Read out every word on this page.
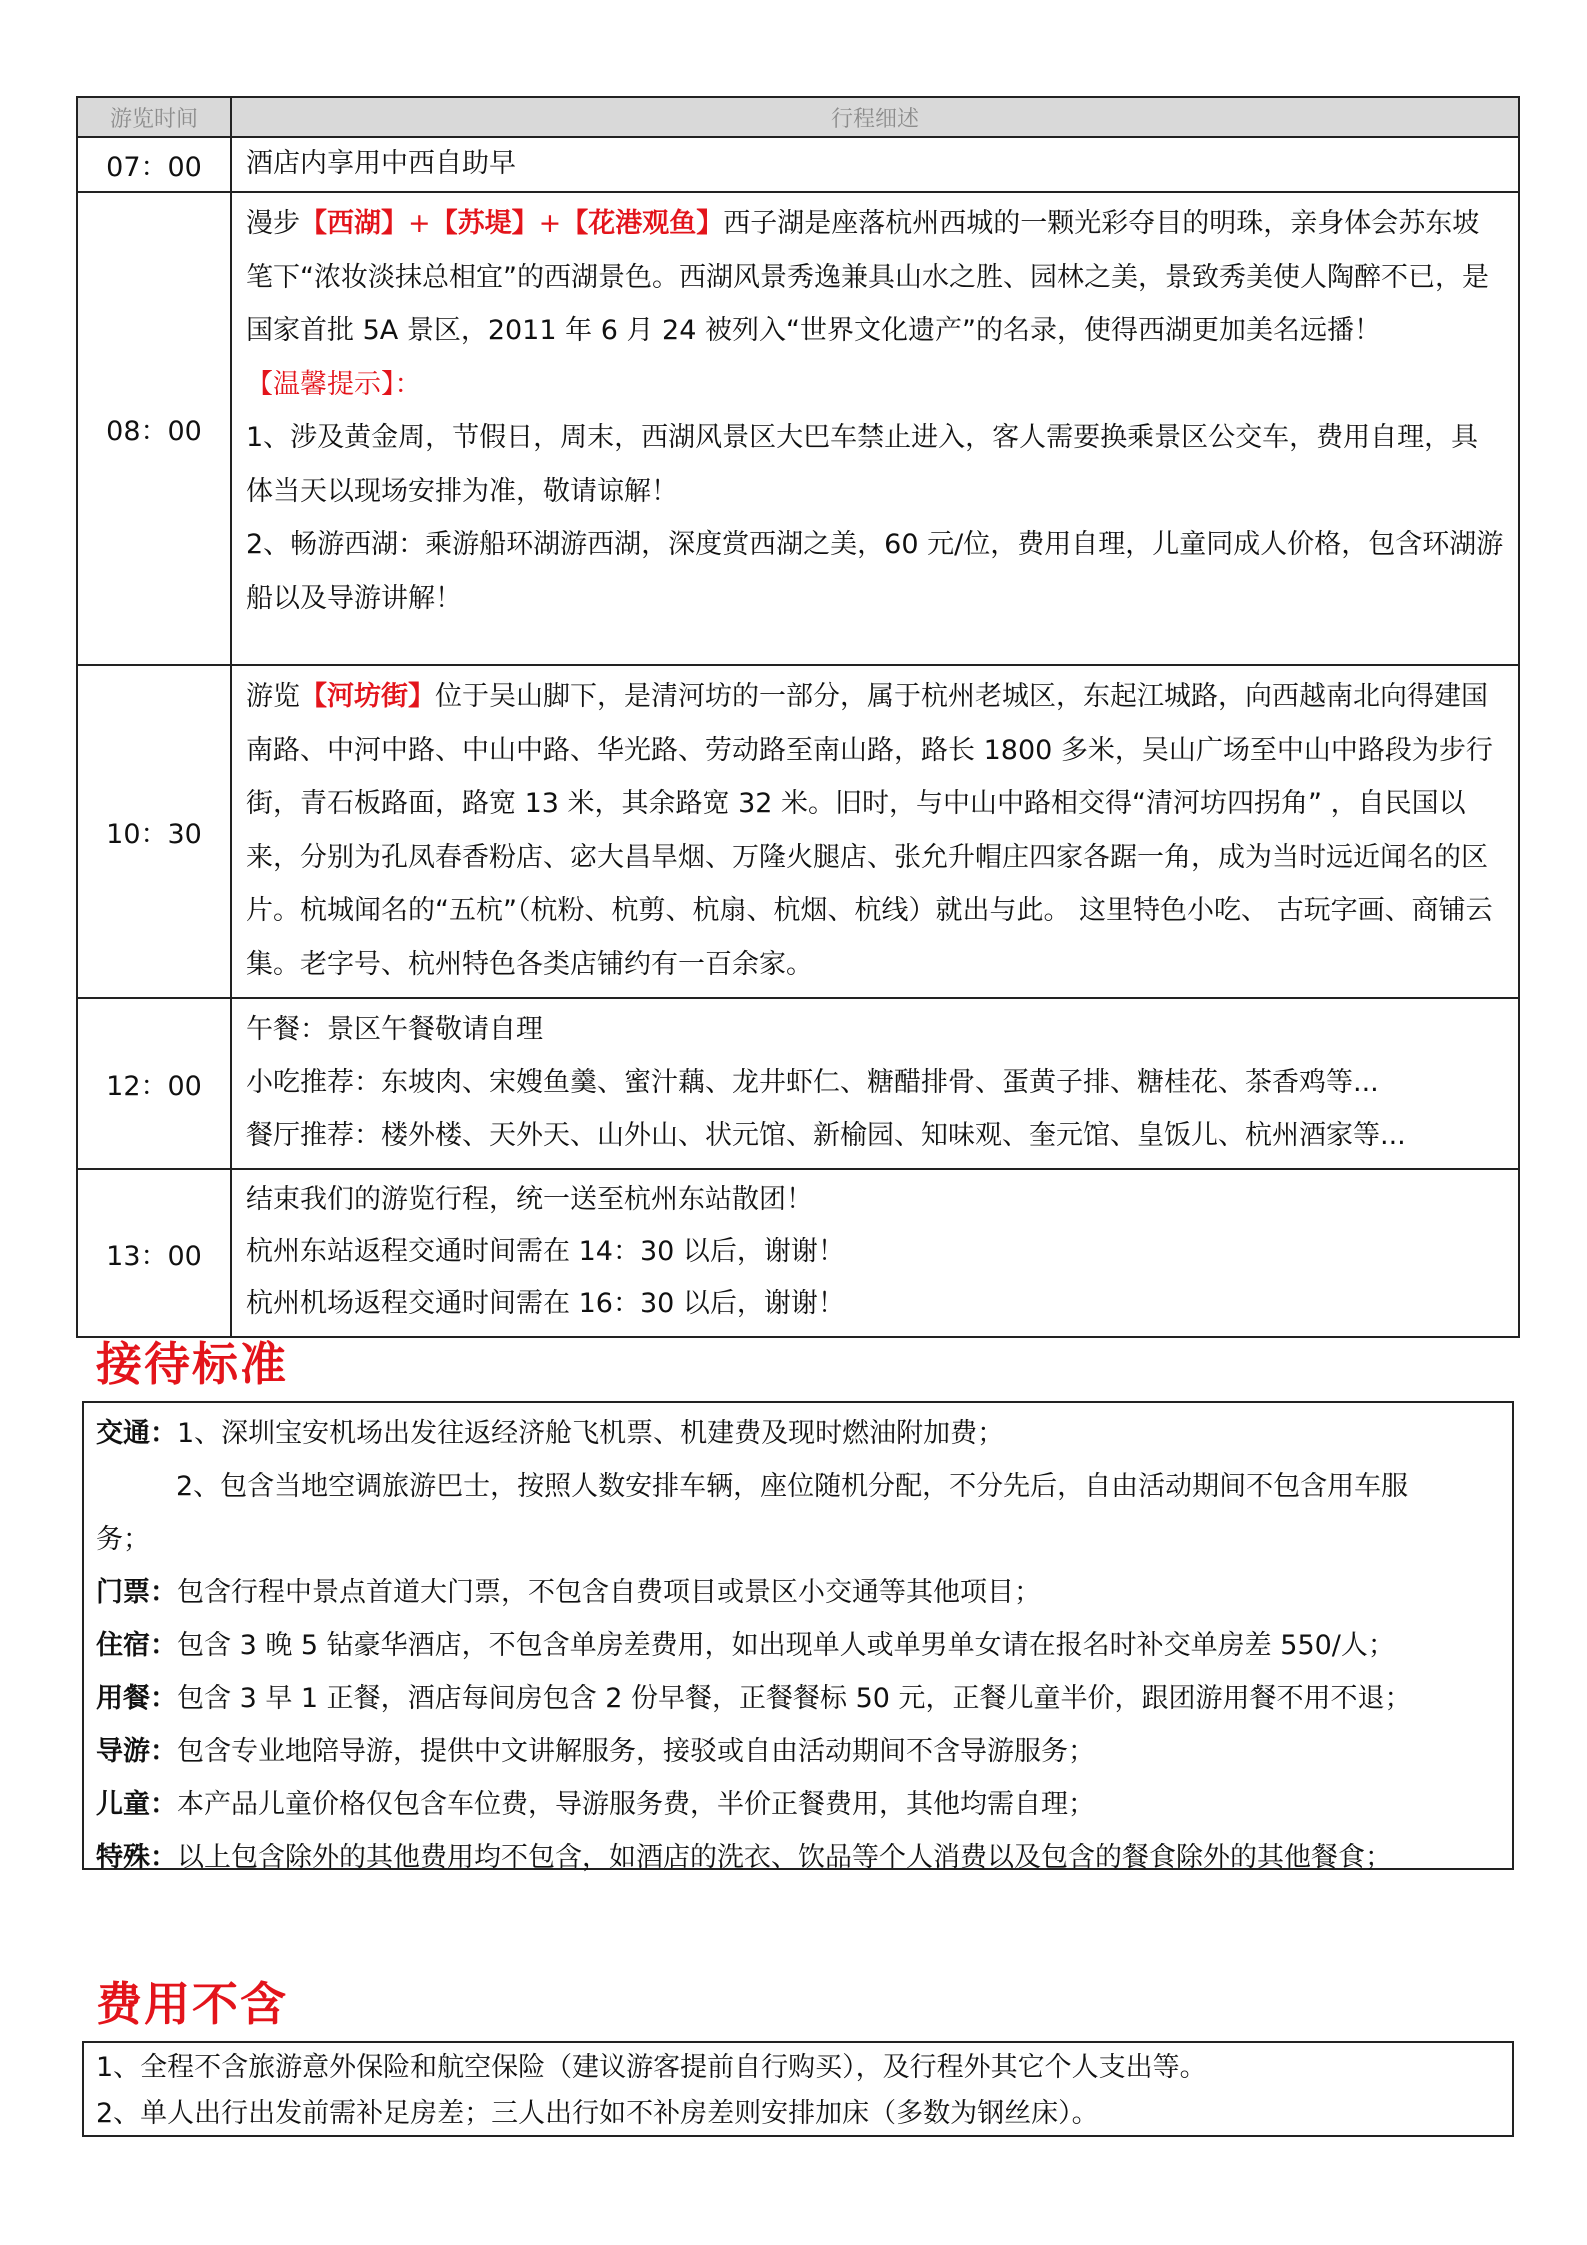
游览时间	行程细述
07：00	酒店内享用中西自助早

08：00	漫步【西湖】+【苏堤】+【花港观鱼】西子湖是座落杭州西城的一颗光彩夺目的明珠，亲身体会苏东坡笔下“浓妆淡抹总相宜”的西湖景色。西湖风景秀逸兼具山水之胜、园林之美，景致秀美使人陶醉不已，是国家首批 5A 景区，2011 年 6 月 24 被列入“世界文化遗产”的名录，使得西湖更加美名远播！
【温馨提示】：
1、涉及黄金周，节假日，周末，西湖风景区大巴车禁止进入，客人需要换乘景区公交车，费用自理，具体当天以现场安排为准，敬请谅解！
2、畅游西湖：乘游船环湖游西湖，深度赏西湖之美，60 元/位，费用自理，儿童同成人价格，包含环湖游船以及导游讲解！

10：30	游览【河坊街】位于吴山脚下，是清河坊的一部分，属于杭州老城区，东起江城路，向西越南北向得建国南路、中河中路、中山中路、华光路、劳动路至南山路，路长 1800 多米，吴山广场至中山中路段为步行街，青石板路面，路宽 13 米，其余路宽 32 米。旧时，与中山中路相交得“清河坊四拐角” ，自民国以来，分别为孔凤春香粉店、宓大昌旱烟、万隆火腿店、张允升帽庄四家各踞一角，成为当时远近闻名的区片。杭城闻名的“五杭”（杭粉、杭剪、杭扇、杭烟、杭线）就出与此。 这里特色小吃、 古玩字画、商铺云集。老字号、杭州特色各类店铺约有一百余家。

12：00	午餐：景区午餐敬请自理
小吃推荐：东坡肉、宋嫂鱼羹、蜜汁藕、龙井虾仁、糖醋排骨、蛋黄子排、糖桂花、茶香鸡等...
餐厅推荐：楼外楼、天外天、山外山、状元馆、新榆园、知味观、奎元馆、皇饭儿、杭州酒家等...

13：00	结束我们的游览行程，统一送至杭州东站散团！
杭州东站返程交通时间需在 14：30 以后，谢谢！
杭州机场返程交通时间需在 16：30 以后，谢谢！
接待标准
交通：1、深圳宝安机场出发往返经济舱飞机票、机建费及现时燃油附加费；
2、包含当地空调旅游巴士，按照人数安排车辆，座位随机分配，不分先后，自由活动期间不包含用车服
务；
门票：包含行程中景点首道大门票，不包含自费项目或景区小交通等其他项目；
住宿：包含 3 晚 5 钻豪华酒店，不包含单房差费用，如出现单人或单男单女请在报名时补交单房差 550/人；
用餐：包含 3 早 1 正餐，酒店每间房包含 2 份早餐，正餐餐标 50 元，正餐儿童半价，跟团游用餐不用不退；
导游：包含专业地陪导游，提供中文讲解服务，接驳或自由活动期间不含导游服务；
儿童：本产品儿童价格仅包含车位费，导游服务费，半价正餐费用，其他均需自理；
特殊：以上包含除外的其他费用均不包含，如酒店的洗衣、饮品等个人消费以及包含的餐食除外的其他餐食；
费用不含
1、全程不含旅游意外保险和航空保险（建议游客提前自行购买），及行程外其它个人支出等。
2、单人出行出发前需补足房差；三人出行如不补房差则安排加床（多数为钢丝床）。
